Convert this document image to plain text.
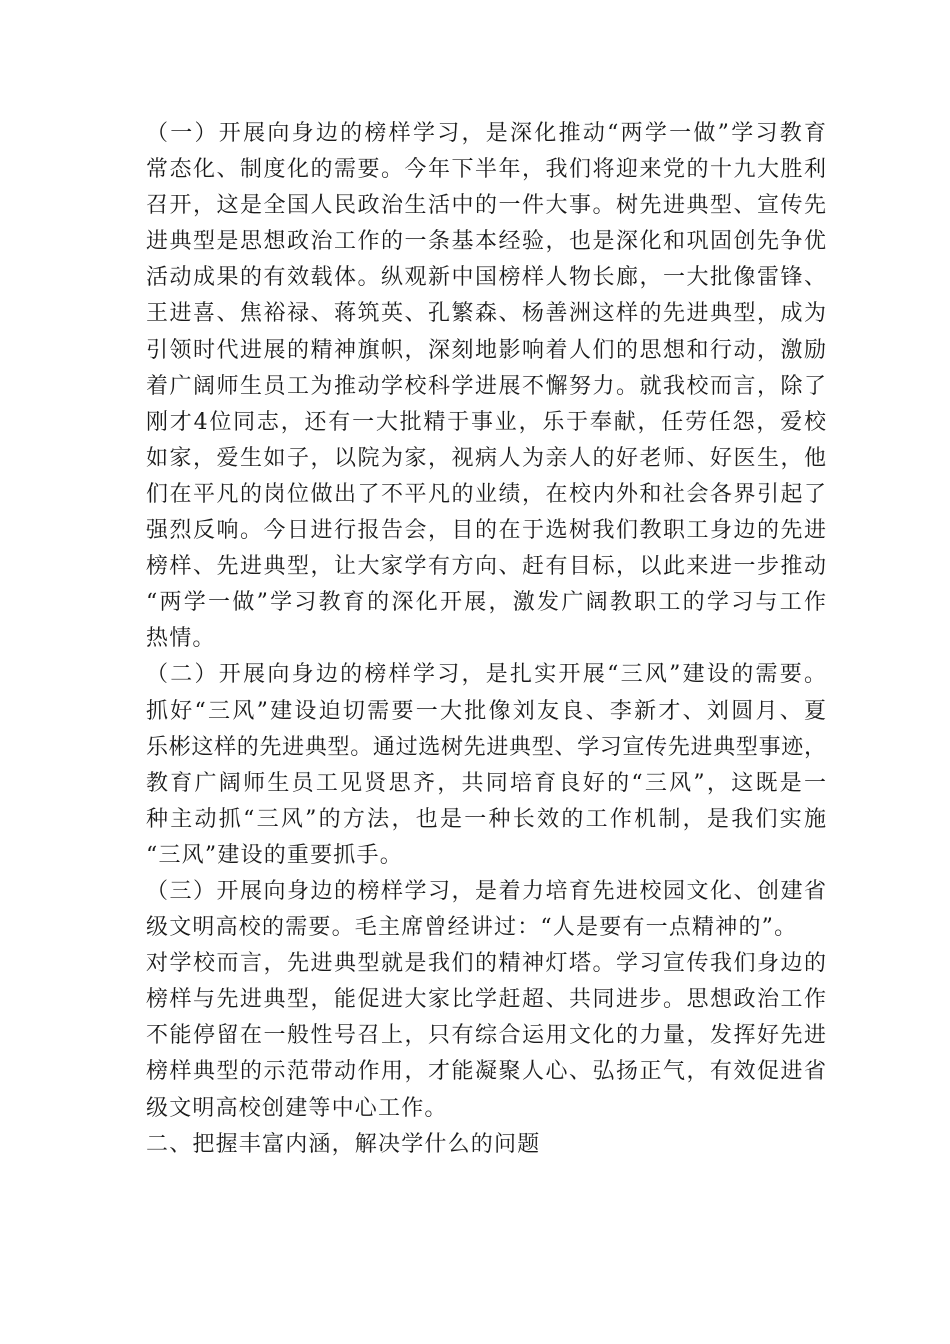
（一）开展向身边的榜样学习，是深化推动“两学一做”学习教育
常态化、制度化的需要。今年下半年，我们将迎来党的十九大胜利
召开，这是全国人民政治生活中的一件大事。树先进典型、宣传先
进典型是思想政治工作的一条基本经验，也是深化和巩固创先争优
活动成果的有效载体。纵观新中国榜样人物长廊，一大批像雷锋、
王进喜、焦裕禄、蒋筑英、孔繁森、杨善洲这样的先进典型，成为
引领时代进展的精神旗帜，深刻地影响着人们的思想和行动，激励
着广阔师生员工为推动学校科学进展不懈努力。就我校而言，除了
刚才4位同志，还有一大批精于事业，乐于奉献，任劳任怨，爱校
如家，爱生如子，以院为家，视病人为亲人的好老师、好医生，他
们在平凡的岗位做出了不平凡的业绩，在校内外和社会各界引起了
强烈反响。今日进行报告会，目的在于选树我们教职工身边的先进
榜样、先进典型，让大家学有方向、赶有目标，以此来进一步推动
“两学一做”学习教育的深化开展，激发广阔教职工的学习与工作
热情。
（二）开展向身边的榜样学习，是扎实开展“三风”建设的需要。
抓好“三风”建设迫切需要一大批像刘友良、李新才、刘圆月、夏
乐彬这样的先进典型。通过选树先进典型、学习宣传先进典型事迹，
教育广阔师生员工见贤思齐，共同培育良好的“三风”，这既是一
种主动抓“三风”的方法，也是一种长效的工作机制，是我们实施
“三风”建设的重要抓手。
（三）开展向身边的榜样学习，是着力培育先进校园文化、创建省
级文明高校的需要。毛主席曾经讲过：“人是要有一点精神的”。
对学校而言，先进典型就是我们的精神灯塔。学习宣传我们身边的
榜样与先进典型，能促进大家比学赶超、共同进步。思想政治工作
不能停留在一般性号召上，只有综合运用文化的力量，发挥好先进
榜样典型的示范带动作用，才能凝聚人心、弘扬正气，有效促进省
级文明高校创建等中心工作。
二、把握丰富内涵，解决学什么的问题
